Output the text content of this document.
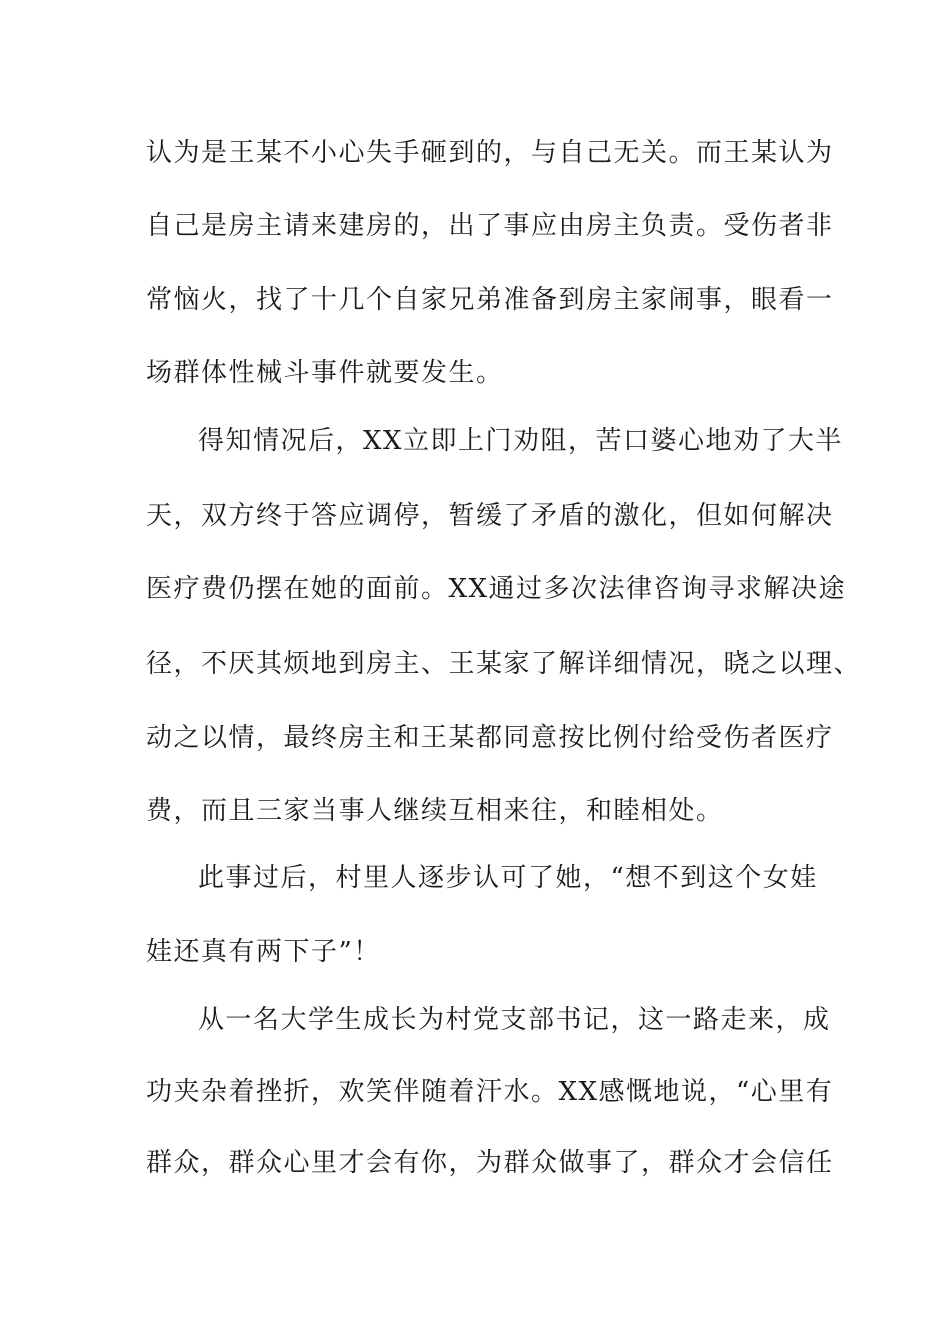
认为是王某不小心失手砸到的，与自己无关。而王某认为
自己是房主请来建房的，出了事应由房主负责。受伤者非
常恼火，找了十几个自家兄弟准备到房主家闹事，眼看一
场群体性械斗事件就要发生。
得知情况后，XX立即上门劝阻，苦口婆心地劝了大半
天，双方终于答应调停，暂缓了矛盾的激化，但如何解决
医疗费仍摆在她的面前。XX通过多次法律咨询寻求解决途
径，不厌其烦地到房主、王某家了解详细情况，晓之以理、
动之以情，最终房主和王某都同意按比例付给受伤者医疗
费，而且三家当事人继续互相来往，和睦相处。
此事过后，村里人逐步认可了她，“想不到这个女娃
娃还真有两下子”！
从一名大学生成长为村党支部书记，这一路走来，成
功夹杂着挫折，欢笑伴随着汗水。XX感慨地说，“心里有
群众，群众心里才会有你，为群众做事了，群众才会信任
